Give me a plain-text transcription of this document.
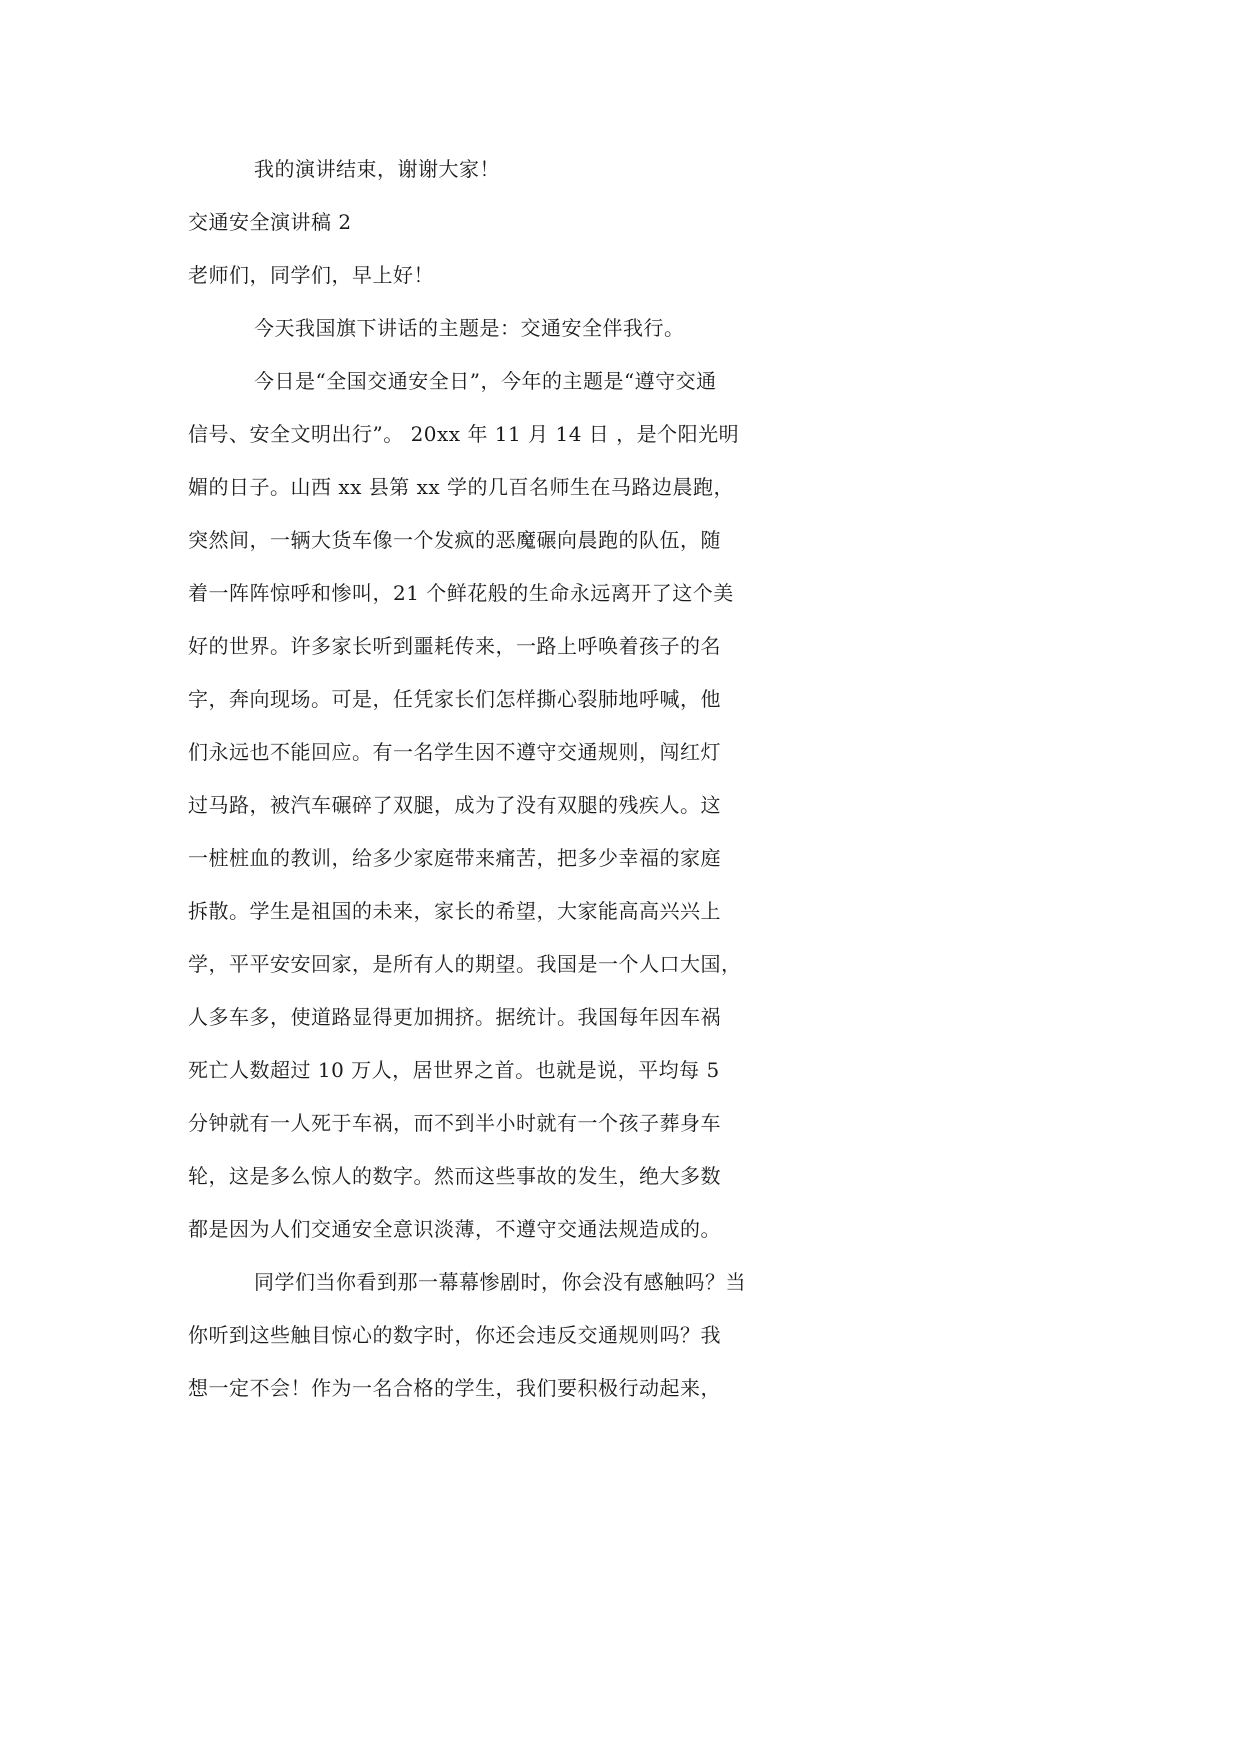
我的演讲结束，谢谢大家！
交通安全演讲稿 2
老师们，同学们，早上好！
今天我国旗下讲话的主题是：交通安全伴我行。
今日是“全国交通安全日”，今年的主题是“遵守交通
信号、安全文明出行”。 20xx 年 11 月 14 日 ，是个阳光明
媚的日子。山西 xx 县第 xx 学的几百名师生在马路边晨跑，
突然间，一辆大货车像一个发疯的恶魔碾向晨跑的队伍，随
着一阵阵惊呼和惨叫，21 个鲜花般的生命永远离开了这个美
好的世界。许多家长听到噩耗传来，一路上呼唤着孩子的名
字，奔向现场。可是，任凭家长们怎样撕心裂肺地呼喊，他
们永远也不能回应。有一名学生因不遵守交通规则，闯红灯
过马路，被汽车碾碎了双腿，成为了没有双腿的残疾人。这
一桩桩血的教训，给多少家庭带来痛苦，把多少幸福的家庭
拆散。学生是祖国的未来，家长的希望，大家能高高兴兴上
学，平平安安回家，是所有人的期望。我国是一个人口大国，
人多车多，使道路显得更加拥挤。据统计。我国每年因车祸
死亡人数超过 10 万人，居世界之首。也就是说，平均每 5
分钟就有一人死于车祸，而不到半小时就有一个孩子葬身车
轮，这是多么惊人的数字。然而这些事故的发生，绝大多数
都是因为人们交通安全意识淡薄，不遵守交通法规造成的。
同学们当你看到那一幕幕惨剧时，你会没有感触吗？当
你听到这些触目惊心的数字时，你还会违反交通规则吗？我
想一定不会！作为一名合格的学生，我们要积极行动起来，
